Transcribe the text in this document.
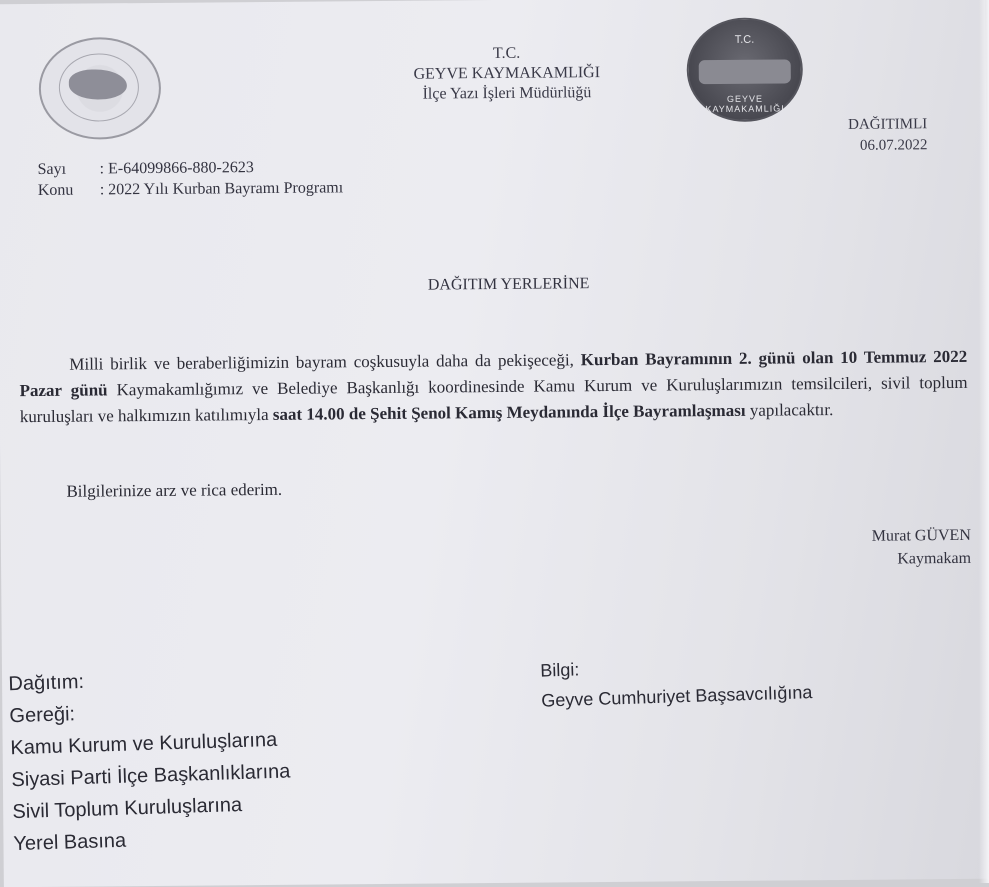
T.C.
GEYVE KAYMAKAMLIĞI
İlçe Yazı İşleri Müdürlüğü
T.C.
GEYVE KAYMAKAMLIĞI
DAĞITIMLI
06.07.2022
Sayı	: E-64099866-880-2623
Konu	: 2022 Yılı Kurban Bayramı Programı
DAĞITIM YERLERİNE
Milli birlik ve beraberliğimizin bayram coşkusuyla daha da pekişeceği, Kurban Bayramının 2. günü olan 10 Temmuz 2022 Pazar günü Kaymakamlığımız ve Belediye Başkanlığı koordinesinde Kamu Kurum ve Kuruluşlarımızın temsilcileri, sivil toplum kuruluşları ve halkımızın katılımıyla saat 14.00 de Şehit Şenol Kamış Meydanında İlçe Bayramlaşması yapılacaktır.
Bilgilerinize arz ve rica ederim.
Murat GÜVEN
Kaymakam
Dağıtım:
Gereği:
Kamu Kurum ve Kuruluşlarına
Siyasi Parti İlçe Başkanlıklarına
Sivil Toplum Kuruluşlarına
Yerel Basına
Bilgi:
Geyve Cumhuriyet Başsavcılığına
